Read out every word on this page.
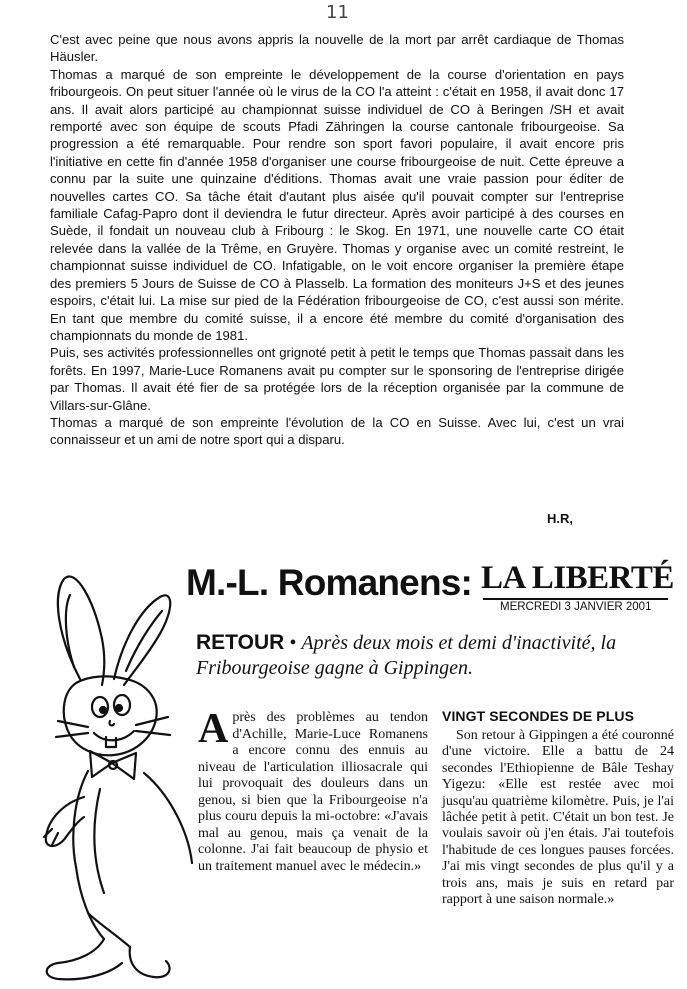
11

C'est avec peine que nous avons appris la nouvelle de la mort par arrêt cardiaque de Thomas Häusler.

Thomas a marqué de son empreinte le développement de la course d'orientation en pays fribourgeois. On peut situer l'année où le virus de la CO l'a atteint : c'était en 1958, il avait donc 17 ans. Il avait alors participé au championnat suisse individuel de CO à Beringen /SH et avait remporté avec son équipe de scouts Pfadi Zähringen la course cantonale fribourgeoise. Sa progression a été remarquable. Pour rendre son sport favori populaire, il avait encore pris l'initiative en cette fin d'année 1958 d'organiser une course fribourgeoise de nuit. Cette épreuve a connu par la suite une quinzaine d'éditions. Thomas avait une vraie passion pour éditer de nouvelles cartes CO. Sa tâche était d'autant plus aisée qu'il pouvait compter sur l'entreprise familiale Cafag-Papro dont il deviendra le futur directeur. Après avoir participé à des courses en Suède, il fondait un nouveau club à Fribourg : le Skog. En 1971, une nouvelle carte CO était relevée dans la vallée de la Trême, en Gruyère. Thomas y organise avec un comité restreint, le championnat suisse individuel de CO. Infatigable, on le voit encore organiser la première étape des premiers 5 Jours de Suisse de CO à Plasselb. La formation des moniteurs J+S et des jeunes espoirs, c'était lui. La mise sur pied de la Fédération fribourgeoise de CO, c'est aussi son mérite. En tant que membre du comité suisse, il a encore été membre du comité d'organisation des championnats du monde de 1981.

Puis, ses activités professionnelles ont grignoté petit à petit le temps que Thomas passait dans les forêts. En 1997, Marie-Luce Romanens avait pu compter sur le sponsoring de l'entreprise dirigée par Thomas. Il avait été fier de sa protégée lors de la réception organisée par la commune de Villars-sur-Glâne.

Thomas a marqué de son empreinte l'évolution de la CO en Suisse. Avec lui, c'est un vrai connaisseur et un ami de notre sport qui a disparu.

H.R,
M.-L. Romanens: LA LIBERTÉ
MERCREDI 3 JANVIER 2001
RETOUR • Après deux mois et demi d'inactivité, la Fribourgeoise gagne à Gippingen.
Après des problèmes au tendon d'Achille, Marie-Luce Romanens a encore connu des ennuis au niveau de l'articulation illiosacrale qui lui provoquait des douleurs dans un genou, si bien que la Fribourgeoise n'a plus couru depuis la mi-octobre: «J'avais mal au genou, mais ça venait de la colonne. J'ai fait beaucoup de physio et un traitement manuel avec le médecin.»
VINGT SECONDES DE PLUS

Son retour à Gippingen a été couronné d'une victoire. Elle a battu de 24 secondes l'Ethiopienne de Bâle Teshay Yigezu: «Elle est restée avec moi jusqu'au quatrième kilomètre. Puis, je l'ai lâchée petit à petit. C'était un bon test. Je voulais savoir où j'en étais. J'ai toutefois l'habitude de ces longues pauses forcées. J'ai mis vingt secondes de plus qu'il y a trois ans, mais je suis en retard par rapport à une saison normale.»
